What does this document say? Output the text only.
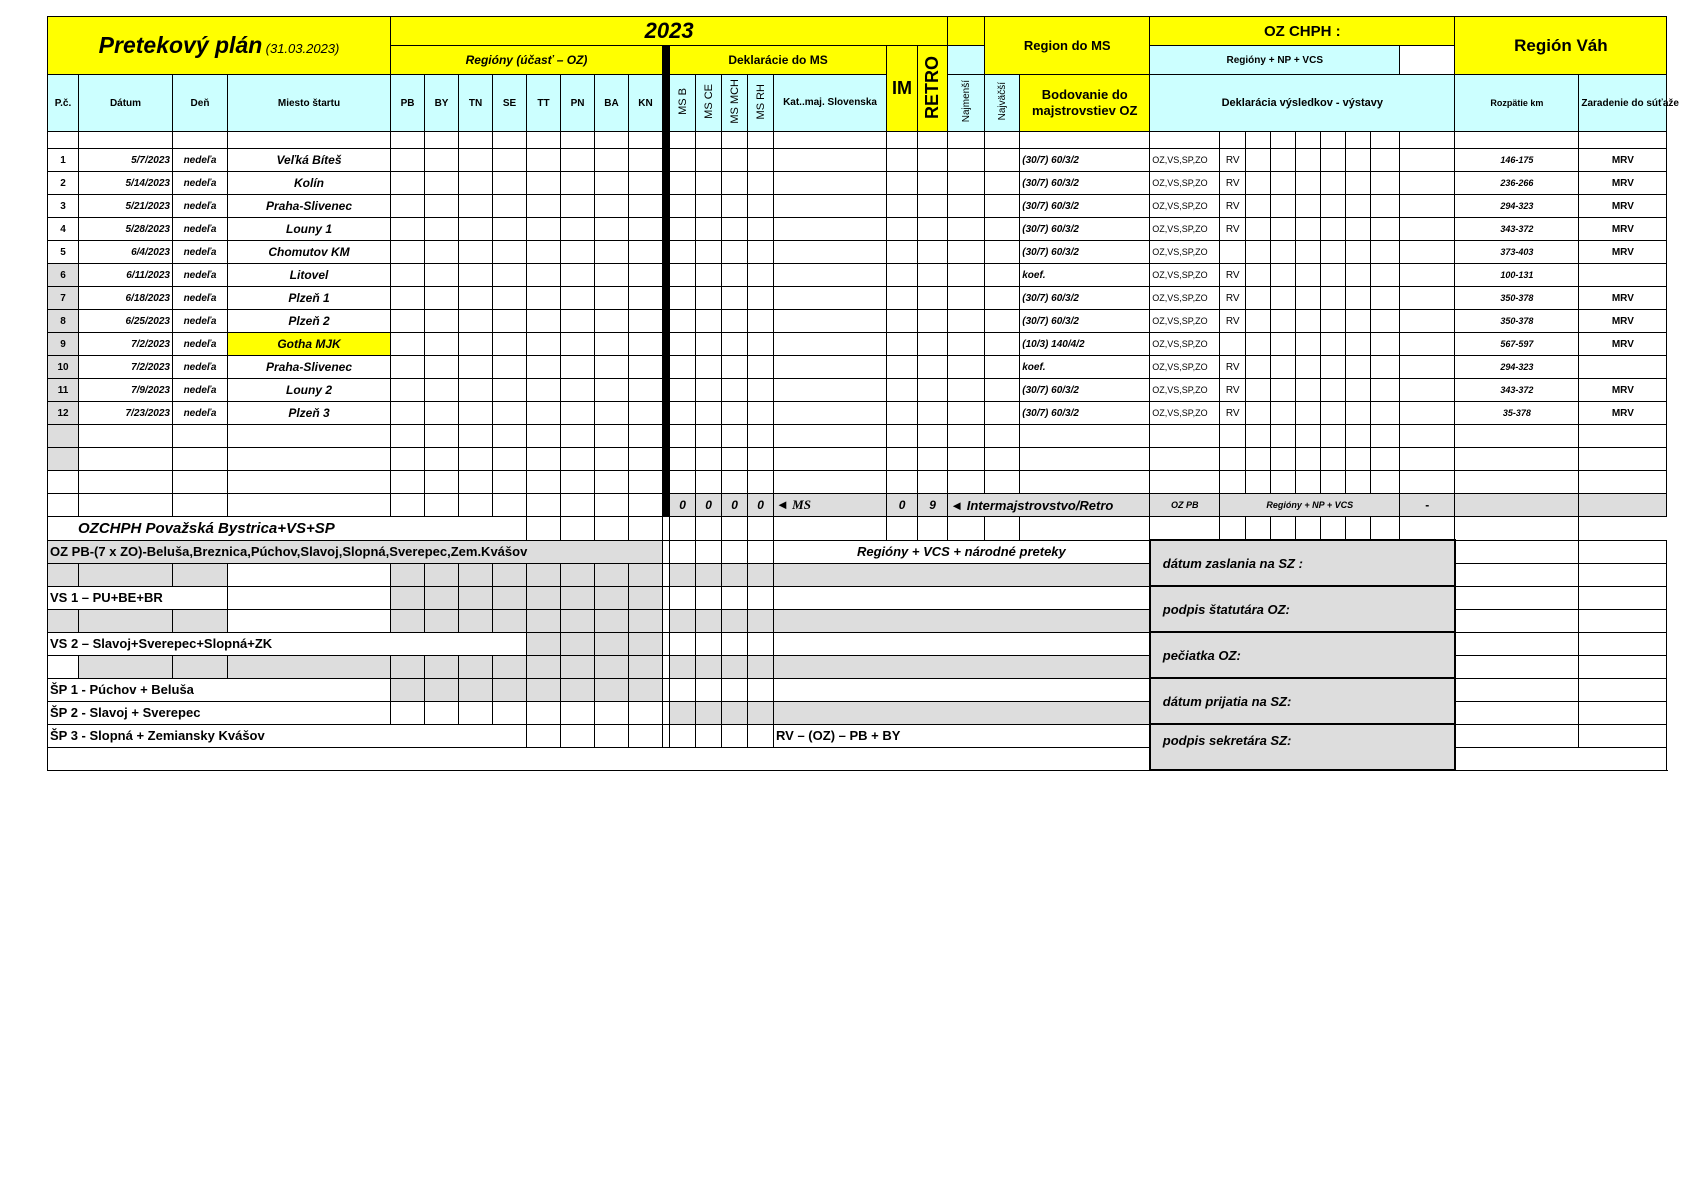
Pretekový plán (31.03.2023)				2023																	Region do MS		OZ CHPH :									Región Váh	
				Regióny (účasť – OZ)									Deklarácie do MS					IM	RETRO				Regióny + NP + VCS											
P.č.	Dátum	Deň	Miesto štartu	PB	BY	TN	SE	TT	PN	BA	KN		MS B	MS CE	MS MCH	MS RH	Kat..maj. Slovenska			Najmenší	Najväčší	Bodovanie do majstrovstiev OZ	Deklarácia výsledkov - výstavy									Rozpätie km	Zaradenie do súťaže	

1	5/7/2023	nedeľa	Veľká Bíteš																			(30/7) 60/3/2	OZ,VS,SP,ZO	RV								146-175	MRV	
2	5/14/2023	nedeľa	Kolín																			(30/7) 60/3/2	OZ,VS,SP,ZO	RV								236-266	MRV	
3	5/21/2023	nedeľa	Praha-Slivenec																			(30/7) 60/3/2	OZ,VS,SP,ZO	RV								294-323	MRV	
4	5/28/2023	nedeľa	Louny 1																			(30/7) 60/3/2	OZ,VS,SP,ZO	RV								343-372	MRV	
5	6/4/2023	nedeľa	Chomutov KM																			(30/7) 60/3/2	OZ,VS,SP,ZO									373-403	MRV	
6	6/11/2023	nedeľa	Litovel																			koef.	OZ,VS,SP,ZO	RV								100-131		
7	6/18/2023	nedeľa	Plzeň 1																			(30/7) 60/3/2	OZ,VS,SP,ZO	RV								350-378	MRV	
8	6/25/2023	nedeľa	Plzeň 2																			(30/7) 60/3/2	OZ,VS,SP,ZO	RV								350-378	MRV	
9	7/2/2023	nedeľa	Gotha MJK																			(10/3) 140/4/2	OZ,VS,SP,ZO									567-597	MRV	
10	7/2/2023	nedeľa	Praha-Slivenec																			koef.	OZ,VS,SP,ZO	RV								294-323		
11	7/9/2023	nedeľa	Louny 2																			(30/7) 60/3/2	OZ,VS,SP,ZO	RV								343-372	MRV	
12	7/23/2023	nedeľa	Plzeň 3																			(30/7) 60/3/2	OZ,VS,SP,ZO	RV								35-378	MRV	

													0	0	0	0	◄ MS	0	9	◄ Intermajstrovstvo/Retro			OZ PB	Regióny + NP + VCS							-			
OZCHPH Považská Bystrica+VS+SP																																		
OZ PB-(7 x ZO)-Beluša,Breznica,Púchov,Slavoj,Slopná,Sverepec,Zem.Kvášov																	Regióny + VCS + národné preteky						dátum zaslania na SZ :											

VS 1 – PU+BE+BR																							podpis štatutára OZ:											

VS 2 – Slavoj+Sverepec+Slopná+ZK																							pečiatka OZ:											

ŠP 1 - Púchov + Beluša																							dátum prijatia na SZ:											
ŠP 2 - Slavoj + Sverepec																																		
ŠP 3 - Slopná + Zemiansky Kvášov																	RV – (OZ) – PB + BY						podpis sekretára SZ:											
